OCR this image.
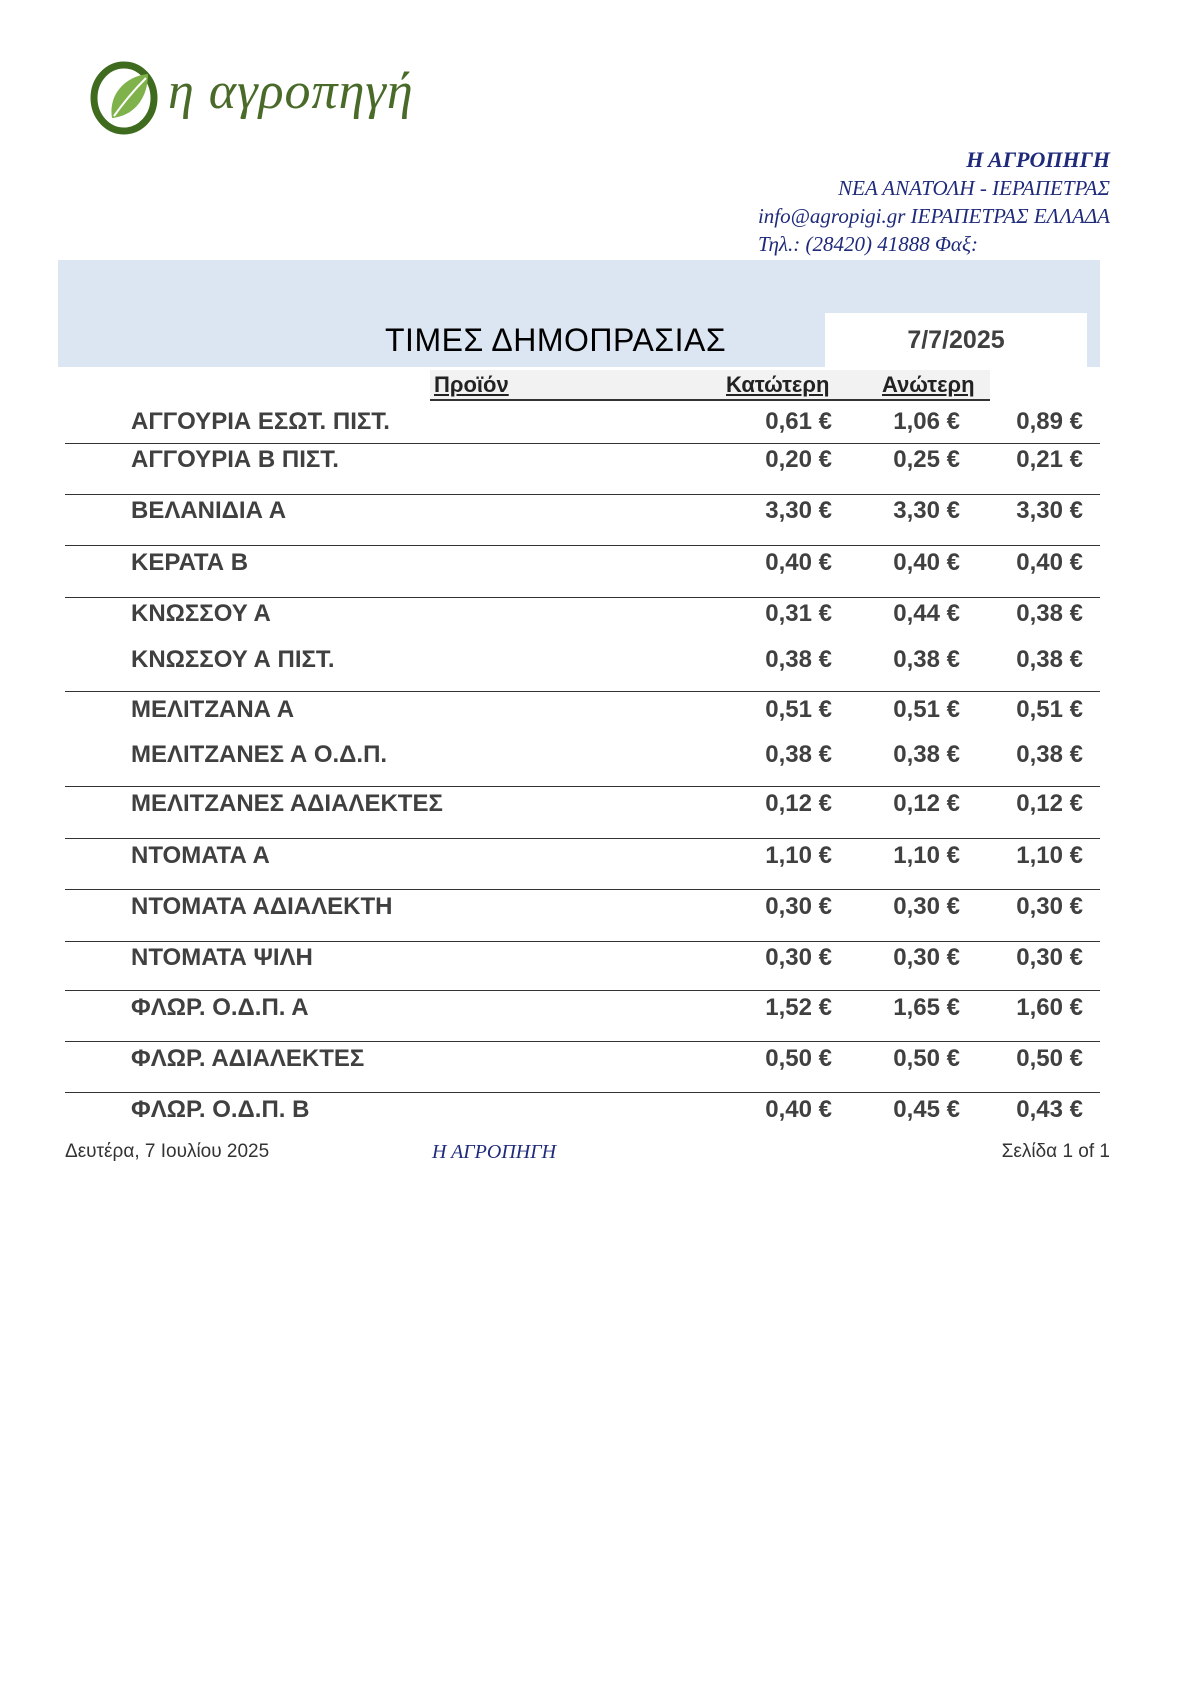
η αγροπηγή
Η ΑΓΡΟΠΗΓΗ
ΝΕΑ ΑΝΑΤΟΛΗ - ΙΕΡΑΠΕΤΡΑΣ
info@agropigi.gr ΙΕΡΑΠΕΤΡΑΣ ΕΛΛΑΔΑ
Τηλ.: (28420) 41888 Φαξ:
7/7/2025
ΤΙΜΕΣ ΔΗΜΟΠΡΑΣΙΑΣ
Προϊόν	Κατώτερη Ανώτερη
ΑΓΓΟΥΡΙΑ ΕΣΩΤ. ΠΙΣΤ.	0,61 €	1,06 € 0,89 €
ΑΓΓΟΥΡΙΑ Β ΠΙΣΤ.	0,20 €	0,25 € 0,21 €
ΒΕΛΑΝΙΔΙΑ Α	3,30 €	3,30 € 3,30 €
ΚΕΡΑΤΑ Β	0,40 €	0,40 € 0,40 €
ΚΝΩΣΣΟΥ Α	0,31 €	0,44 € 0,38 €
ΚΝΩΣΣΟΥ Α ΠΙΣΤ.	0,38 €	0,38 € 0,38 €
ΜΕΛΙΤΖΑΝΑ Α	0,51 €	0,51 € 0,51 €
ΜΕΛΙΤΖΑΝΕΣ Α Ο.Δ.Π.	0,38 €	0,38 € 0,38 €
ΜΕΛΙΤΖΑΝΕΣ ΑΔΙΑΛΕΚΤΕΣ	0,12 €	0,12 € 0,12 €
ΝΤΟΜΑΤΑ Α	1,10 €	1,10 € 1,10 €
ΝΤΟΜΑΤΑ ΑΔΙΑΛΕΚΤΗ	0,30 €	0,30 € 0,30 €
ΝΤΟΜΑΤΑ ΨΙΛΗ	0,30 €	0,30 € 0,30 €
ΦΛΩΡ. Ο.Δ.Π. Α	1,52 €	1,65 € 1,60 €
ΦΛΩΡ. ΑΔΙΑΛΕΚΤΕΣ	0,50 €	0,50 € 0,50 €
ΦΛΩΡ. Ο.Δ.Π. Β	0,40 €	0,45 € 0,43 €
Δευτέρα, 7 Ιουλίου 2025	Η ΑΓΡΟΠΗΓΗ	Σελίδα 1 of 1
